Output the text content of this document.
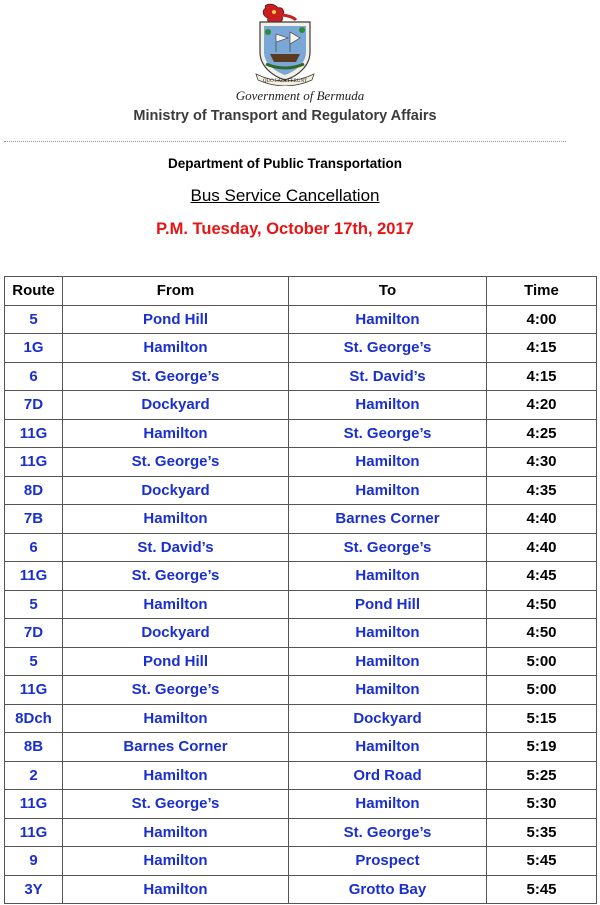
QUO FATA FERUNT
Government of Bermuda
Ministry of Transport and Regulatory Affairs
Department of Public Transportation
Bus Service Cancellation
P.M. Tuesday, October 17th, 2017
Route	From	To	Time
5	Pond Hill	Hamilton	4:00
1G	Hamilton	St. George’s	4:15
6	St. George’s	St. David’s	4:15
7D	Dockyard	Hamilton	4:20
11G	Hamilton	St. George’s	4:25
11G	St. George’s	Hamilton	4:30
8D	Dockyard	Hamilton	4:35
7B	Hamilton	Barnes Corner	4:40
6	St. David’s	St. George’s	4:40
11G	St. George’s	Hamilton	4:45
5	Hamilton	Pond Hill	4:50
7D	Dockyard	Hamilton	4:50
5	Pond Hill	Hamilton	5:00
11G	St. George’s	Hamilton	5:00
8Dch	Hamilton	Dockyard	5:15
8B	Barnes Corner	Hamilton	5:19
2	Hamilton	Ord Road	5:25
11G	St. George’s	Hamilton	5:30
11G	Hamilton	St. George’s	5:35
9	Hamilton	Prospect	5:45
3Y	Hamilton	Grotto Bay	5:45
